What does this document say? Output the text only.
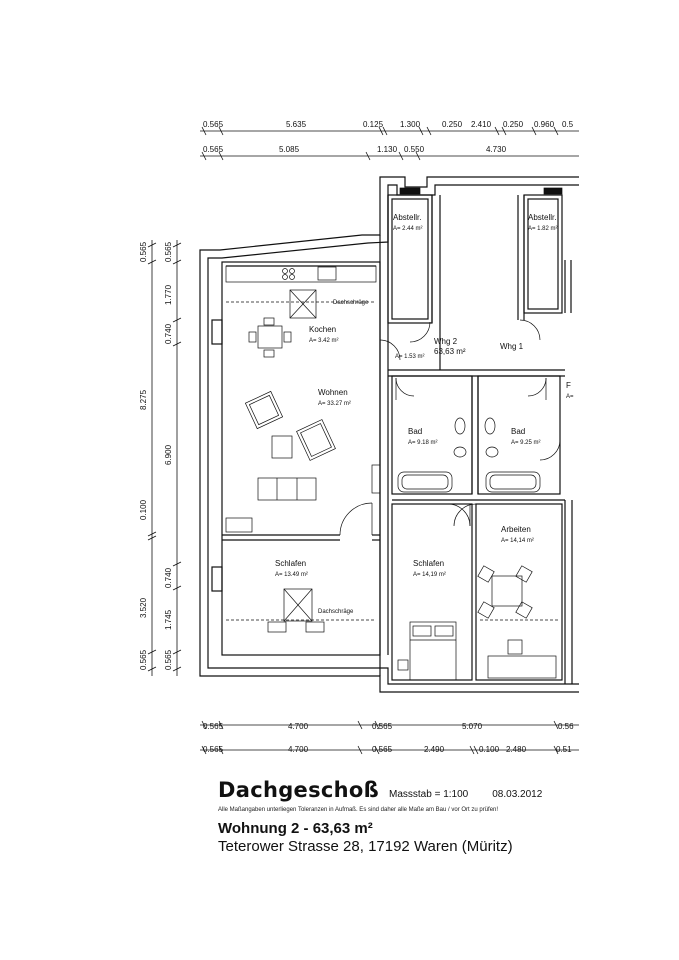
0.565	5.635	0.125 1.300	0.250 2.410 0.250 0.960 0.5
0.565	5.085	1.130 0.550	4.730
0.565	4.700	0.565	5.070	0.56
0.565	4.700	0.565	2.490	0.100 2.480	0.51
0.565
8.275
0.100
3.520
0.565
0.565
1.770
0.740
6.900
0.740
1.745
0.565
Abstellr.
A= 2.44 m²
Abstellr.
A= 1.82 m²
Kochen
A= 3.42 m²
Wohnen
A= 33.27 m²
A= 1.53 m²
Whg 2
63,63 m²
Whg 1
Bad
A= 9.18 m²
Bad
A= 9.25 m²
Schlafen
A= 13.49 m²
Schlafen
A= 14,19 m²
Arbeiten
A= 14,14 m²
F
A=
Dachschräge
Dachschräge
Dachgeschoß Massstab = 1:100 08.03.2012
Alle Maßangaben unterliegen Toleranzen in Aufmaß. Es sind daher alle Maße am Bau / vor Ort zu prüfen!
Wohnung 2 - 63,63 m²
Teterower Strasse 28, 17192 Waren (Müritz)
